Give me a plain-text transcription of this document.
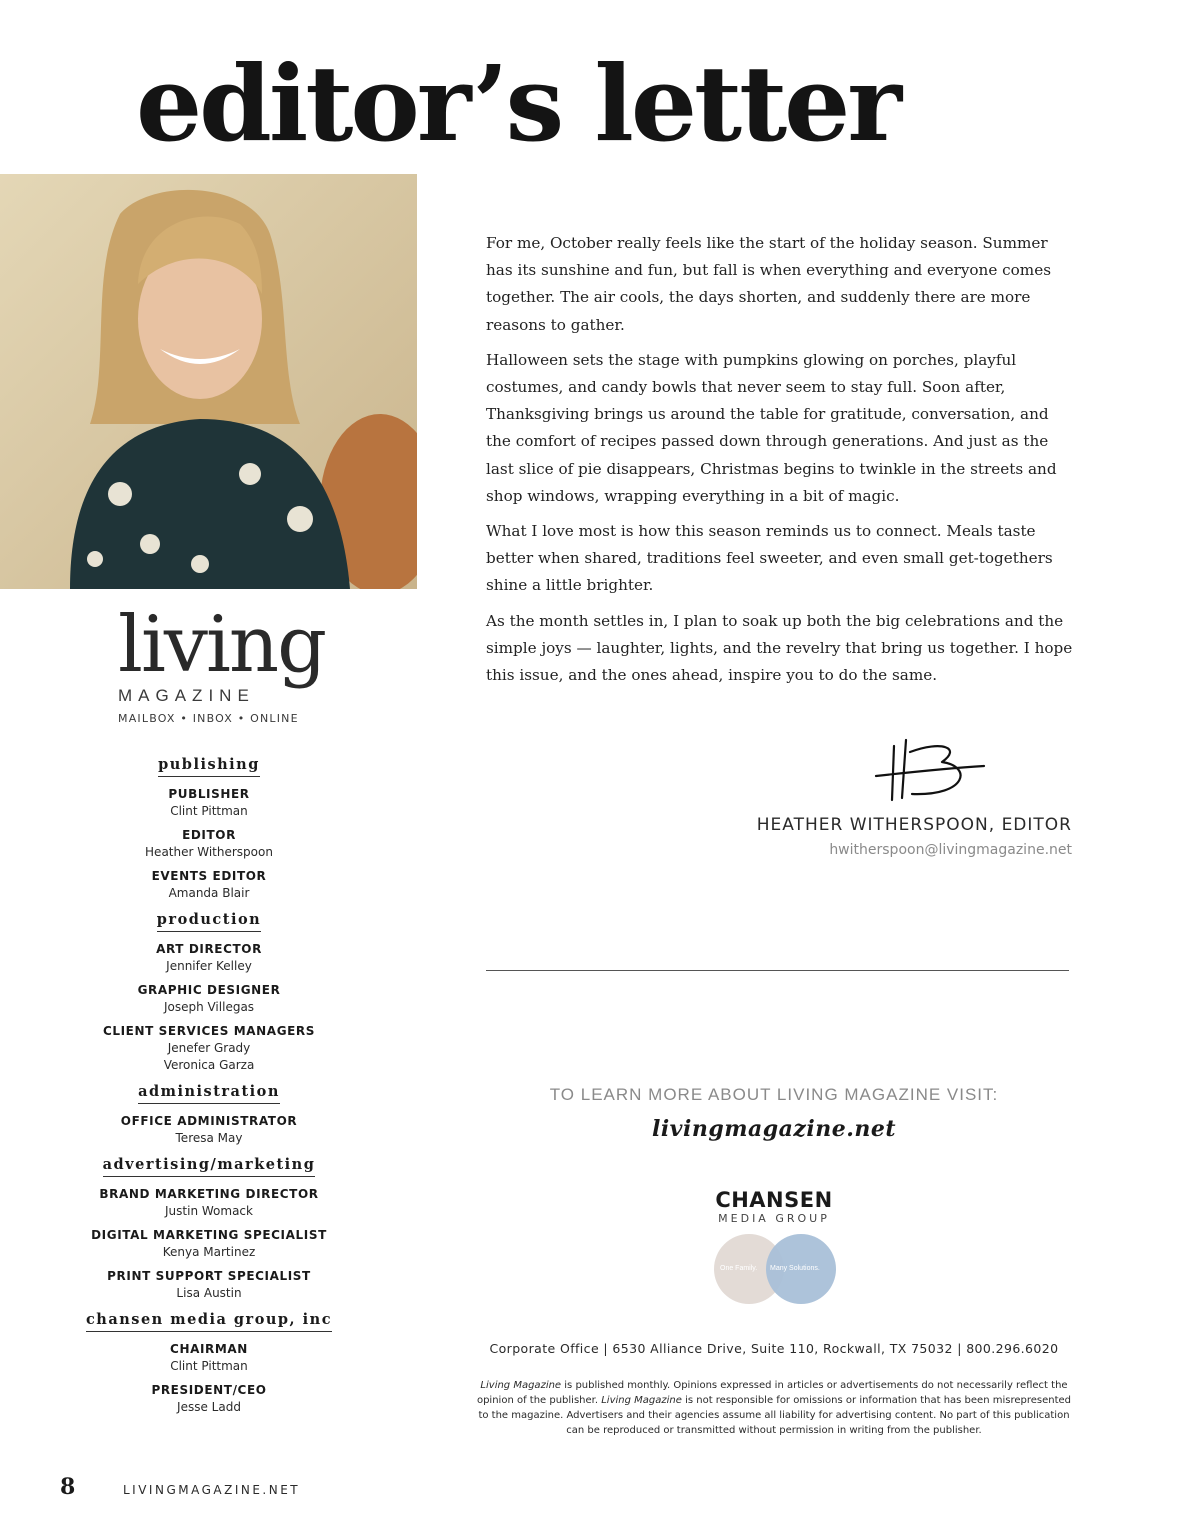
editor’s letter
living
MAGAZINE
MAILBOX • INBOX • ONLINE
publishing
PUBLISHER
Clint Pittman
EDITOR
Heather Witherspoon
EVENTS EDITOR
Amanda Blair
production
ART DIRECTOR
Jennifer Kelley
GRAPHIC DESIGNER
Joseph Villegas
CLIENT SERVICES MANAGERS
Jenefer Grady
Veronica Garza
administration
OFFICE ADMINISTRATOR
Teresa May
advertising/marketing
BRAND MARKETING DIRECTOR
Justin Womack
DIGITAL MARKETING SPECIALIST
Kenya Martinez
PRINT SUPPORT SPECIALIST
Lisa Austin
chansen media group, inc
CHAIRMAN
Clint Pittman
PRESIDENT/CEO
Jesse Ladd

For me, October really feels like the start of the holiday season. Summer has its sunshine and fun, but fall is when everything and everyone comes together. The air cools, the days shorten, and suddenly there are more reasons to gather.

Halloween sets the stage with pumpkins glowing on porches, playful costumes, and candy bowls that never seem to stay full. Soon after, Thanksgiving brings us around the table for gratitude, conversation, and the comfort of recipes passed down through generations. And just as the last slice of pie disappears, Christmas begins to twinkle in the streets and shop windows, wrapping everything in a bit of magic.

What I love most is how this season reminds us to connect. Meals taste better when shared, traditions feel sweeter, and even small get-togethers shine a little brighter.

As the month settles in, I plan to soak up both the big celebrations and the simple joys — laughter, lights, and the revelry that bring us together. I hope this issue, and the ones ahead, inspire you to do the same.

HEATHER WITHERSPOON, EDITOR
hwitherspoon@livingmagazine.net
TO LEARN MORE ABOUT LIVING MAGAZINE VISIT:
livingmagazine.net
CHANSEN
MEDIA GROUP
One Family. Many Solutions.
Corporate Office | 6530 Alliance Drive, Suite 110, Rockwall, TX 75032 | 800.296.6020
Living Magazine is published monthly. Opinions expressed in articles or advertisements do not necessarily reflect the opinion of the publisher. Living Magazine is not responsible for omissions or information that has been misrepresented to the magazine. Advertisers and their agencies assume all liability for advertising content. No part of this publication can be reproduced or transmitted without permission in writing from the publisher.
8	LIVINGMAGAZINE.NET
